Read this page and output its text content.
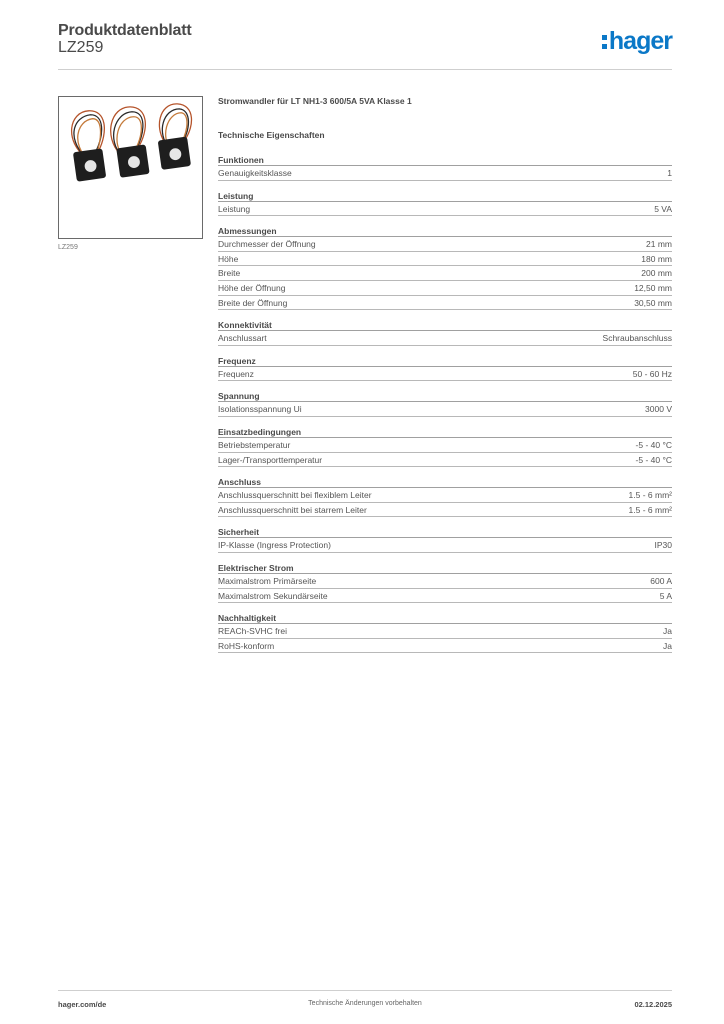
Produktdatenblatt
LZ259	hager
LZ259
Stromwandler für LT NH1-3 600/5A 5VA Klasse 1
Technische Eigenschaften
Funktionen
Genauigkeitsklasse	1
Leistung
Leistung	5 VA
Abmessungen
Durchmesser der Öffnung	21 mm
Höhe	180 mm
Breite	200 mm
Höhe der Öffnung	12,50 mm
Breite der Öffnung	30,50 mm
Konnektivität
Anschlussart	Schraubanschluss
Frequenz
Frequenz	50 - 60 Hz
Spannung
Isolationsspannung Ui	3000 V
Einsatzbedingungen
Betriebstemperatur	-5 - 40 °C
Lager-/Transporttemperatur	-5 - 40 °C
Anschluss
Anschlussquerschnitt bei flexiblem Leiter	1.5 - 6 mm²
Anschlussquerschnitt bei starrem Leiter	1.5 - 6 mm²
Sicherheit
IP-Klasse (Ingress Protection)	IP30
Elektrischer Strom
Maximalstrom Primärseite	600 A
Maximalstrom Sekundärseite	5 A
Nachhaltigkeit
REACh-SVHC frei	Ja
RoHS-konform	Ja
hager.com/de	Technische Änderungen vorbehalten	02.12.2025
